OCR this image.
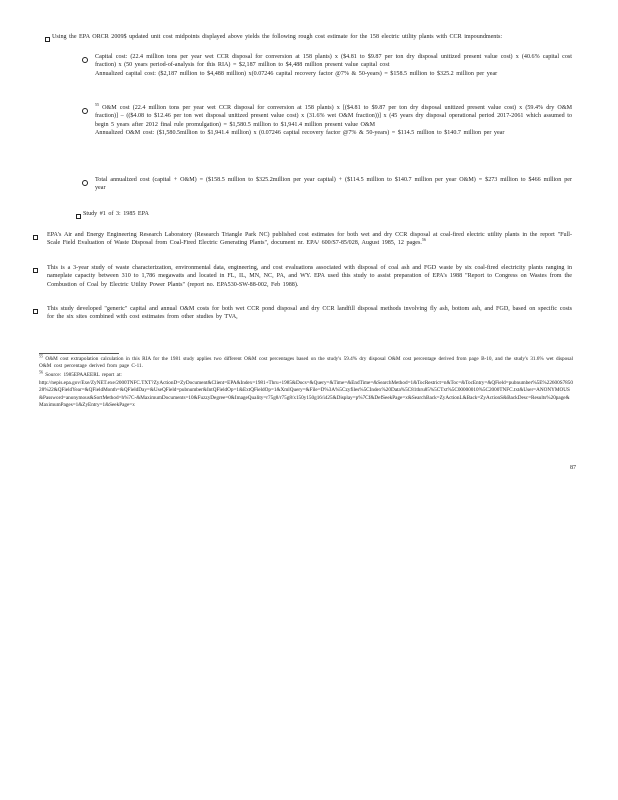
Using the EPA ORCR 2009$ updated unit cost midpoints displayed above yields the following rough cost estimate for the 158 electric utility plants with CCR impoundments:

Capital cost: (22.4 million tons per year wet CCR disposal for conversion at 158 plants) x ($4.81 to $9.87 per ton dry disposal unitized present value cost) x (40.6% capital cost fraction) x (50 years period-of-analysis for this RIA) = $2,187 million to $4,488 million present value capital cost

Annualized capital cost: ($2,187 million to $4,488 million) x(0.07246 capital recovery factor @7% & 50-years) = $158.5 million to $325.2 million per year

$^{55}$ O&M cost (22.4 million tons per year wet CCR disposal for conversion at 158 plants) x [($4.81 to $9.87 per ton dry disposal unitized present value cost) x (59.4% dry O&M fraction)] – (($4.08 to $12.46 per ton wet disposal unitized present value cost) x (31.6% wet O&M fraction))] x (45 years dry disposal operational period 2017-2061 which assumed to begin 5 years after 2012 final rule promulgation) = $1,580.5 million to $1,941.4 million present value O&M

Annualized O&M cost: ($1,580.5million to $1,941.4 million) x (0.07246 capital recovery factor @7% & 50-years) = $114.5 million to $140.7 million per year

Total annualized cost (capital + O&M) = ($158.5 million to $325.2million per year capital) + ($114.5 million to $140.7 million per year O&M) = $273 million to $466 million per year
Study #1 of 3: 1985 EPA
EPA's Air and Energy Engineering Research Laboratory (Research Triangle Park NC) published cost estimates for both wet and dry CCR disposal at coal-fired electric utility plants in the report "Full-Scale Field Evaluation of Waste Disposal from Coal-Fired Electric Generating Plants", document nr. EPA/ 600/S7-85/028, August 1985, 12 pages.$^{56}$
This is a 3-year study of waste characterization, environmental data, engineering, and cost evaluations associated with disposal of coal ash and FGD waste by six coal-fired electricity plants ranging in nameplate capacity between 310 to 1,786 megawatts and located in FL, IL, MN, NC, PA, and WY. EPA used this study to assist preparation of EPA's 1988 "Report to Congress on Wastes from the Combustion of Coal by Electric Utility Power Plants" (report no. EPA530-SW-88-002, Feb 1988).
This study developed "generic" capital and annual O&M costs for both wet CCR pond disposal and dry CCR landfill disposal methods involving fly ash, bottom ash, and FGD, based on specific costs for the six sites combined with cost estimates from other studies by TVA,
$^{55}$ O&M cost extrapolation calculation in this RIA for the 1981 study applies two different O&M cost percentages based on the study's 59.4% dry disposal O&M cost percentage derived from page B-10, and the study's 31.6% wet disposal O&M cost percentage derived from page C-11.
$^{56}$ Source: 1985EPAAEERL report at:
http://nepis.epa.gov/Exe/ZyNET.exe/2000TNFC.TXT?ZyActionD=ZyDocument&Client=EPA&Index=1981+Thru+1985&Docs=&Query=&Time=&EndTime=&SearchMethod=1&TocRestrict=n&Toc=&TocEntry=&QField=pubnumber%5E%22600S785028%22&QFieldYear=&QFieldMonth=&QFieldDay=&UseQField=pubnumber&IntQFieldOp=1&ExtQFieldOp=1&XmlQuery=&File=D%3A%5Czyfiles%5CIndex%20Data%5C81thru85%5CTxt%5C00000010%5C2000TNFC.txt&User=ANONYMOUS&Password=anonymous&SortMethod=h%7C-&MaximumDocuments=10&FuzzyDegree=0&ImageQuality=r75g8/r75g8/x150y150g16/i425&Display=p%7Cf&DefSeekPage=x&SearchBack=ZyActionL&Back=ZyActionS&BackDesc=Results%20page&MaximumPages=1&ZyEntry=1&SeekPage=x
87
